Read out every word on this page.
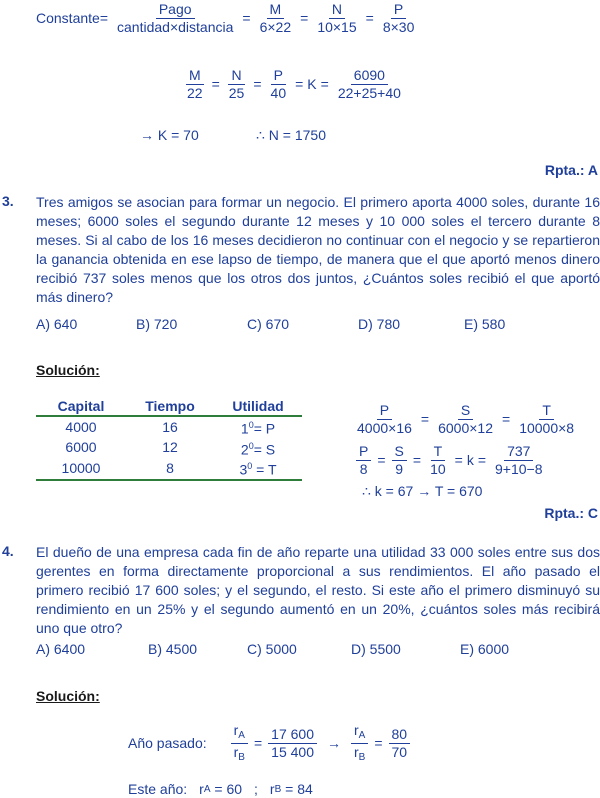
Constante = $\frac{\text{Pago}}{\text{cantidad×distancia}} = \frac{M}{6\times 22} = \frac{N}{10\times 15} = \frac{P}{8\times 30}$
$\frac{M}{22} = \frac{N}{25} = \frac{P}{40} = K = \frac{6090}{22+25+40}$
→ K = 70	∴ N = 1750
Rpta.: A
3. Tres amigos se asocian para formar un negocio. El primero aporta 4000 soles, durante 16 meses; 6000 soles el segundo durante 12 meses y 10 000 soles el tercero durante 8 meses. Si al cabo de los 16 meses decidieron no continuar con el negocio y se repartieron la ganancia obtenida en ese lapso de tiempo, de manera que el que aportó menos dinero recibió 737 soles menos que los otros dos juntos, ¿Cuántos soles recibió el que aportó más dinero?
A) 640	B) 720	C) 670	D) 780	E) 580
Solución:
Capital	Tiempo	Utilidad
4000	16	$1^0= P$
6000	12	$2^0= S$
10000	8	$3^0 = T$
$\frac{P}{4000\times 16} = \frac{S}{6000\times 12} = \frac{T}{10000\times 8}$
$\frac{P}{8} = \frac{S}{9} = \frac{T}{10} = k = \frac{737}{9+10-8}$
∴ k = 67 → T = 670
Rpta.: C
4. El dueño de una empresa cada fin de año reparte una utilidad 33 000 soles entre sus dos gerentes en forma directamente proporcional a sus rendimientos. El año pasado el primero recibió 17 600 soles; y el segundo, el resto. Si este año el primero disminuyó su rendimiento en un 25% y el segundo aumentó en un 20%, ¿cuántos soles más recibirá uno que otro?
A) 6400	B) 4500	C) 5000	D) 5500	E) 6000
Solución:
Año pasado: $\frac{r_A}{r_B} = \frac{17 600}{15 400} \to \frac{r_A}{r_B} = \frac{80}{70}$
Este año: r A
= 60 ; r B
= 84
